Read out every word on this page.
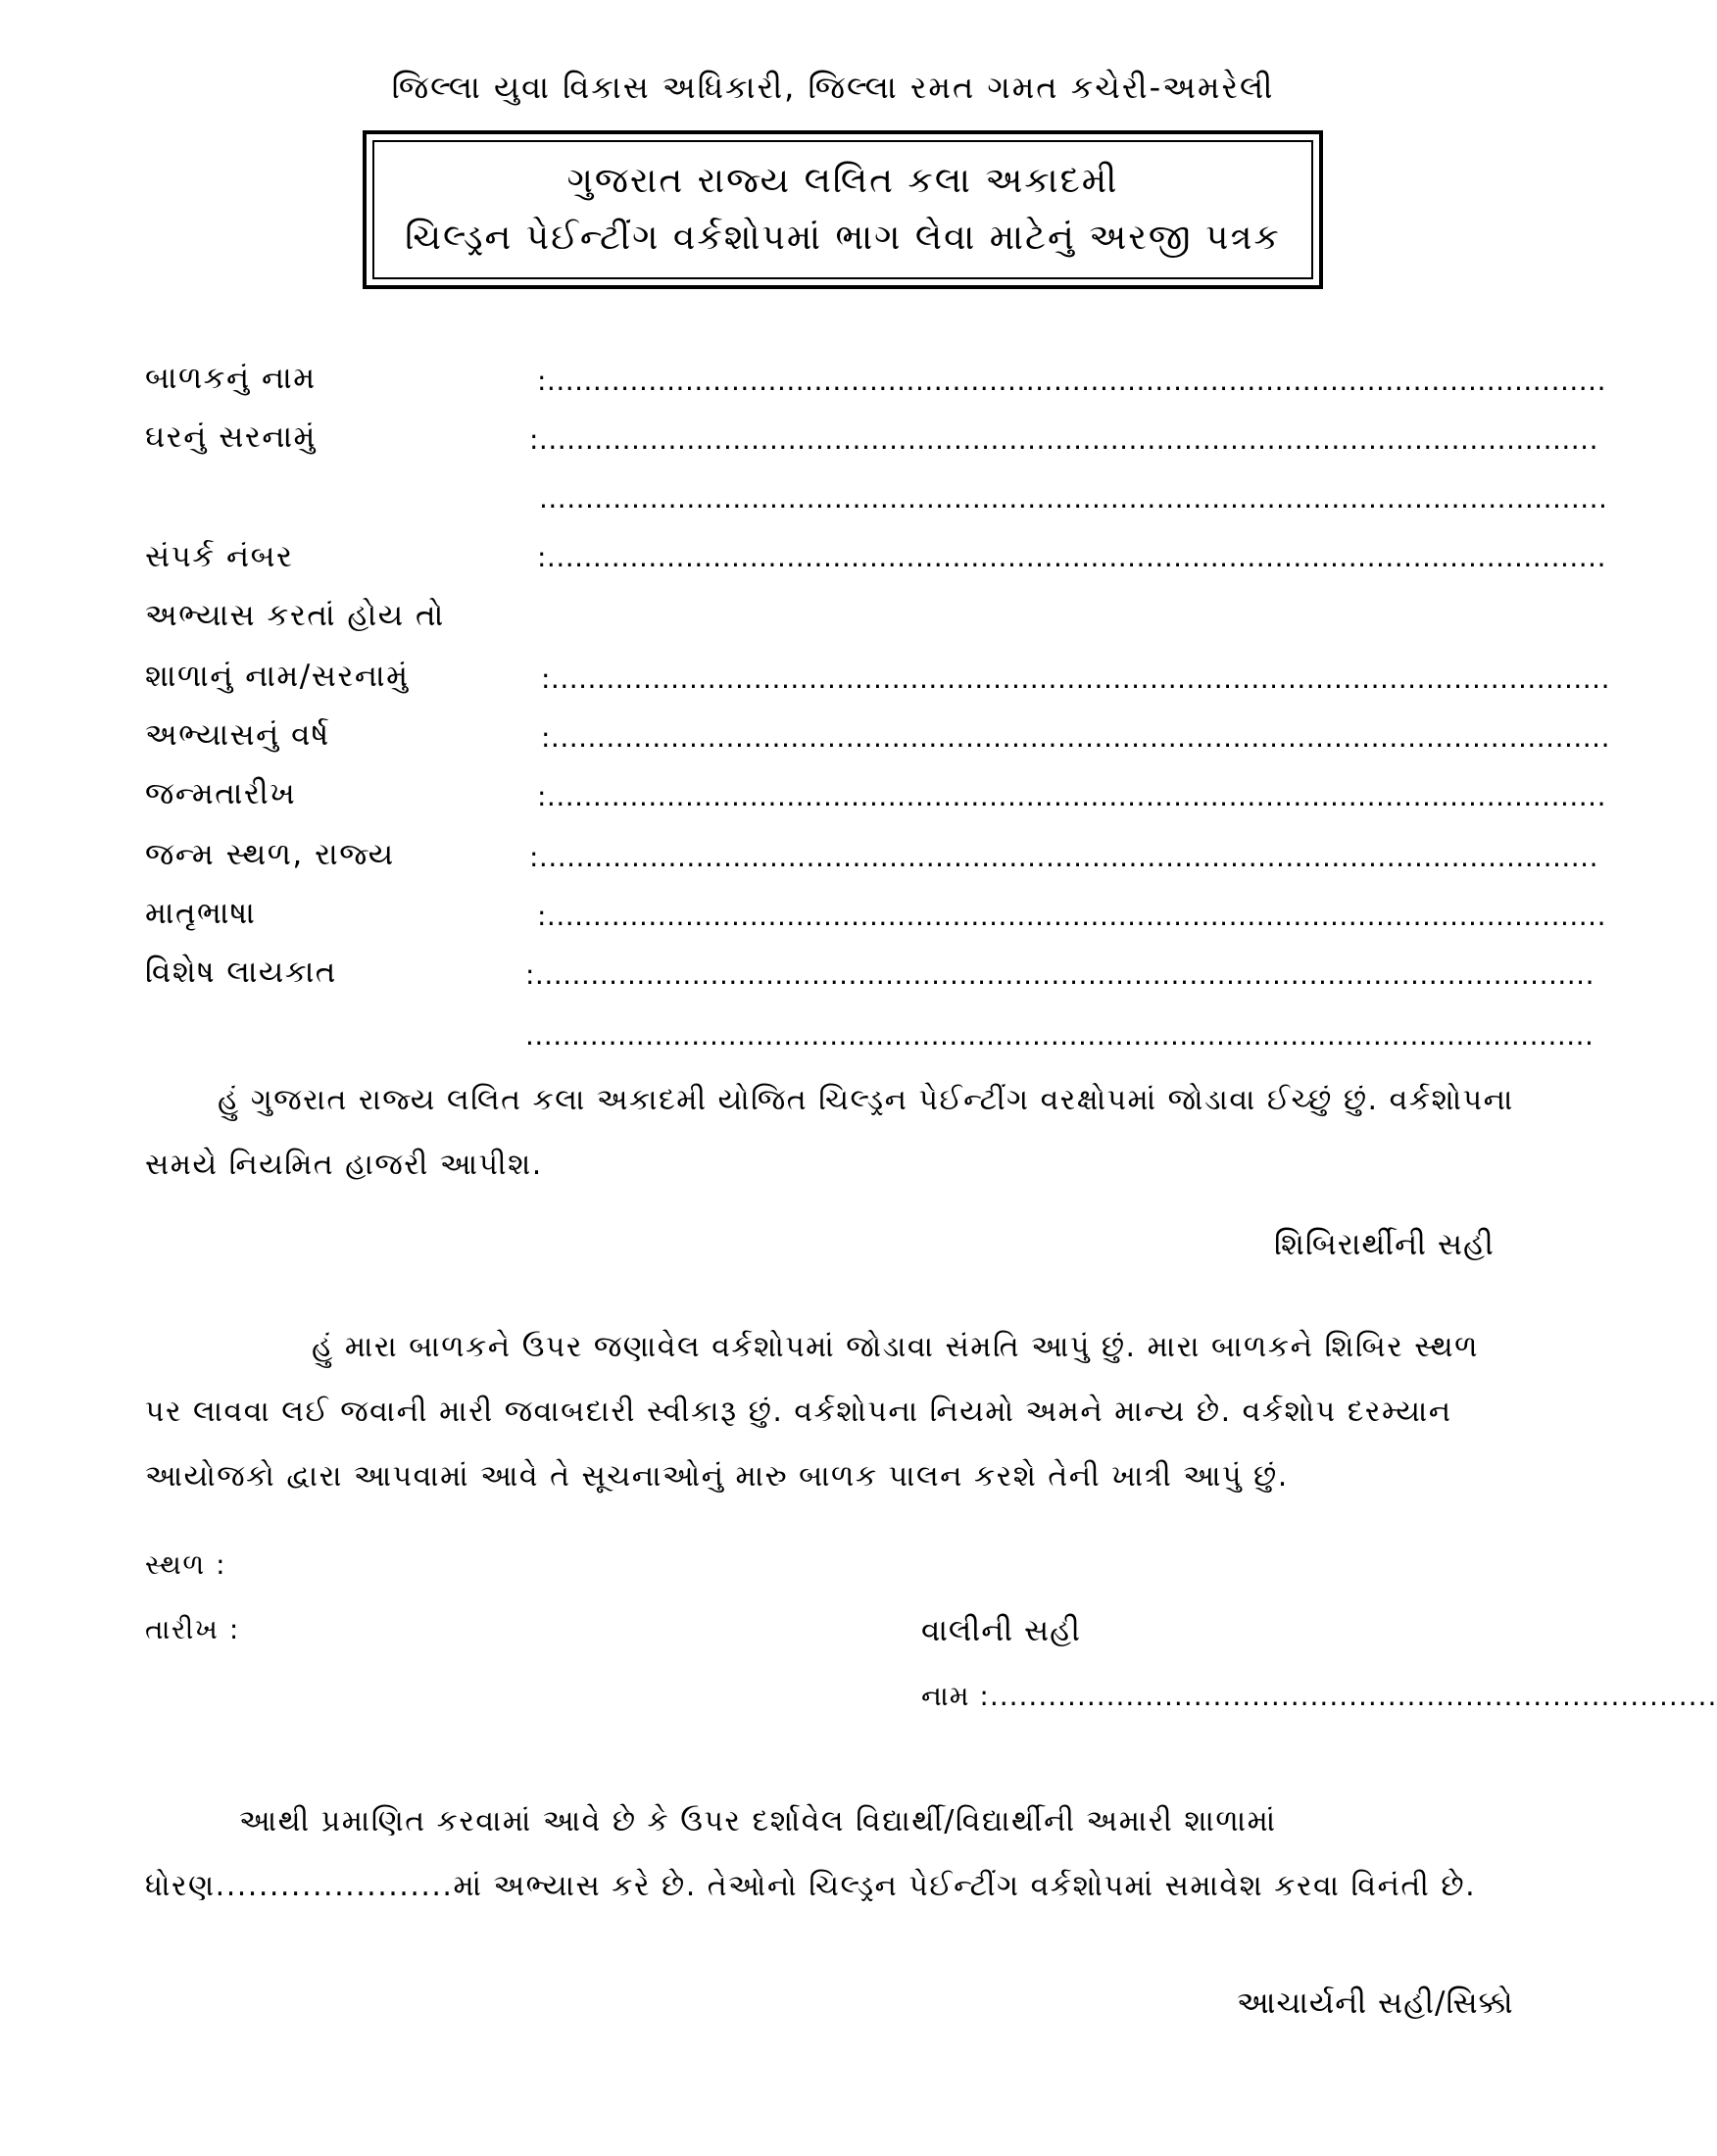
જિલ્લા યુવા વિકાસ અધિકારી, જિલ્લા રમત ગમત કચેરી-અમરેલી
ગુજરાત રાજ્ય લલિત કલા અકાદમી
ચિલ્ડ્રન પેઈન્ટીંગ વર્કશોપમાં ભાગ લેવા માટેનું અરજી પત્રક
બાળકનું નામ	:...................................................................................................................
ઘરનું સરનામું	:...................................................................................................................
....................................................................................................................
સંપર્ક નંબર	:...................................................................................................................
અભ્યાસ કરતાં હોય તો
શાળાનું નામ/સરનામું	:...................................................................................................................
અભ્યાસનું વર્ષ	:...................................................................................................................
જન્મતારીખ	:...................................................................................................................
જન્મ સ્થળ, રાજ્ય	:...................................................................................................................
માતૃભાષા	:...................................................................................................................
વિશેષ લાયકાત	:...................................................................................................................
....................................................................................................................
હું ગુજરાત રાજ્ય લલિત કલા અકાદમી યોજિત ચિલ્ડ્રન પેઈન્ટીંગ વરક્ષોપમાં જોડાવા ઈચ્છું છું. વર્કશોપના સમયે નિયમિત હાજરી આપીશ.
શિબિરાર્થીની સહી
હું મારા બાળકને ઉપર જણાવેલ વર્કશોપમાં જોડાવા સંમતિ આપું છું. મારા બાળકને શિબિર સ્થળ પર લાવવા લઈ જવાની મારી જવાબદારી સ્વીકારૂ છું. વર્કશોપના નિયમો અમને માન્ય છે. વર્કશોપ દરમ્યાન આયોજકો દ્વારા આપવામાં આવે તે સૂચનાઓનું મારુ બાળક પાલન કરશે તેની ખાત્રી આપું છું.
સ્થળ :
તારીખ :	વાલીની સહી
નામ :...........................................................................
આથી પ્રમાણિત કરવામાં આવે છે કે ઉપર દર્શાવેલ વિદ્યાર્થી/વિદ્યાર્થીની અમારી શાળામાં ધોરણ......................માં અભ્યાસ કરે છે. તેઓનો ચિલ્ડ્રન પેઈન્ટીંગ વર્કશોપમાં સમાવેશ કરવા વિનંતી છે.
આચાર્યની સહી/સિક્કો
